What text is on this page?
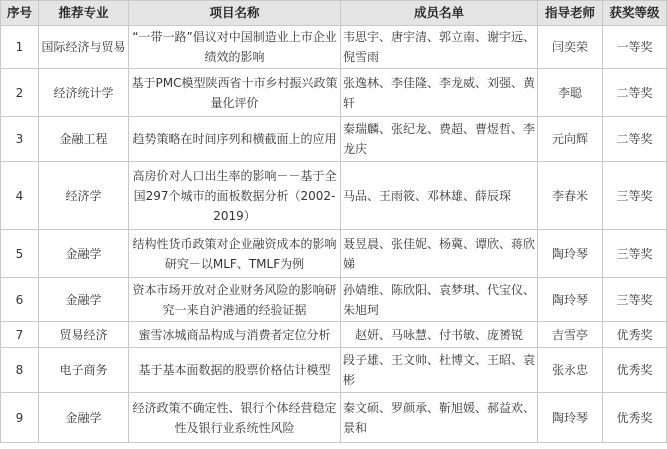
序号	推荐专业	项目名称	成员名单	指导老师	获奖等级
1	国际经济与贸易	“一带一路”倡议对中国制造业上市企业绩效的影响	韦思宇、唐宇清、郭立南、谢宇远、倪雪雨	闫奕荣	一等奖
2	经济统计学	基于PMC模型陕西省十市乡村振兴政策量化评价	张逸林、李佳隆、李龙威、刘强、黄轩	李聪	二等奖
3	金融工程	趋势策略在时间序列和横截面上的应用	秦瑞麟、张纪龙、费超、曹煜哲、李龙庆	元向辉	二等奖
4	经济学	高房价对人口出生率的影响－－基于全国297个城市的面板数据分析（2002-2019）	马品、王雨筱、邓林雄、薛辰琛	李春米	三等奖
5	金融学	结构性货币政策对企业融资成本的影响研究－以MLF、TMLF为例	聂昱晨、张佳妮、杨冀、谭欣、蒋欣娣	陶玲琴	三等奖
6	金融学	资本市场开放对企业财务风险的影响研究一来自沪港通的经验证据	孙婧维、陈欣阳、袁梦琪、代宝仪、朱旭珂	陶玲琴	三等奖
7	贸易经济	蜜雪冰城商品构成与消费者定位分析	赵妍、马咏慧、付书敏、庞赟锐	吉雪亭	优秀奖
8	电子商务	基于基本面数据的股票价格估计模型	段子雄、王文帅、杜博文、王昭、袁彬	张永忠	优秀奖
9	金融学	经济政策不确定性、银行个体经营稳定性及银行业系统性风险	秦文硕、罗颜承、靳旭媛、郝益欢、景和	陶玲琴	优秀奖
